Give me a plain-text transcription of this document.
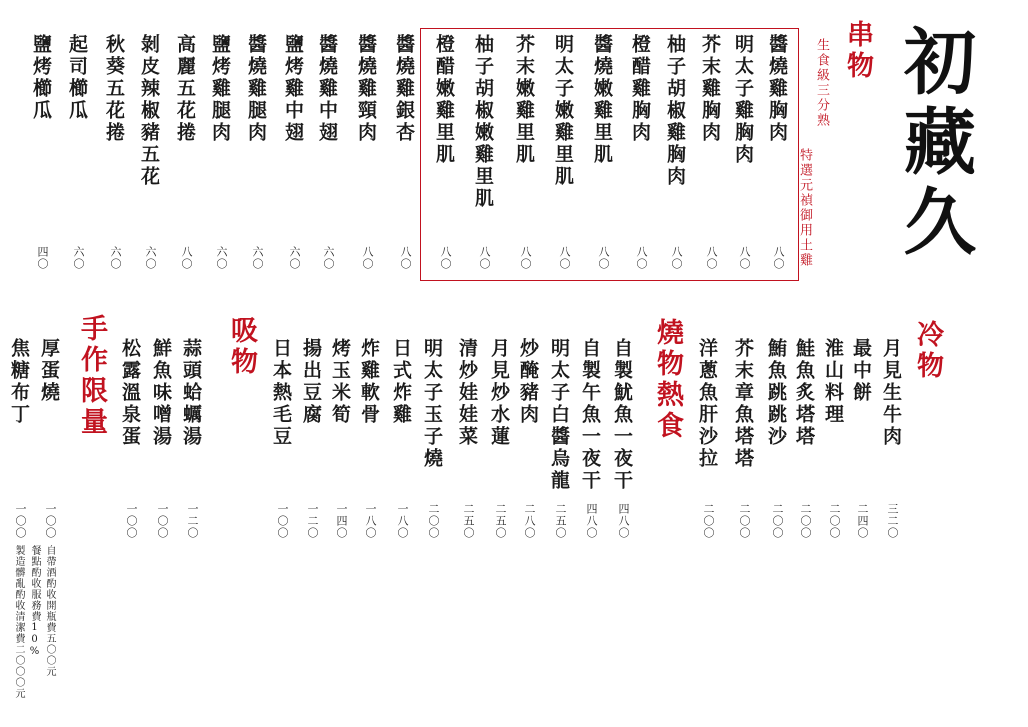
初藏久
串物
生食級三分熟
特選元禎御用土雞
冷物
燒物熱食
吸物
手作限量
自帶酒酌收開瓶費五〇〇元
餐點酌收服務費10%
製造髒亂酌收清潔費二〇〇〇元
醬燒雞胸肉
八〇
明太子雞胸肉
八〇
芥末雞胸肉
八〇
柚子胡椒雞胸肉
八〇
橙醋雞胸肉
八〇
醬燒嫩雞里肌
八〇
明太子嫩雞里肌
八〇
芥末嫩雞里肌
八〇
柚子胡椒嫩雞里肌
八〇
橙醋嫩雞里肌
八〇
醬燒雞銀杏
八〇
醬燒雞頸肉
八〇
醬燒雞中翅
六〇
鹽烤雞中翅
六〇
醬燒雞腿肉
六〇
鹽烤雞腿肉
六〇
高麗五花捲
八〇
剝皮辣椒豬五花
六〇
秋葵五花捲
六〇
起司櫛瓜
六〇
鹽烤櫛瓜
四〇
月見生牛肉
三二〇
最中餅
二四〇
淮山料理
二〇〇
鮭魚炙塔塔
二〇〇
鮪魚跳跳沙
二〇〇
芥末章魚塔塔
二〇〇
洋蔥魚肝沙拉
二〇〇
自製魷魚一夜干
四八〇
自製午魚一夜干
四八〇
明太子白醬烏龍
二五〇
炒醃豬肉
二八〇
月見炒水蓮
二五〇
清炒娃娃菜
二五〇
明太子玉子燒
二〇〇
日式炸雞
一八〇
炸雞軟骨
一八〇
烤玉米筍
一四〇
揚出豆腐
一二〇
日本熱毛豆
一〇〇
蒜頭蛤蠣湯
一二〇
鮮魚味噌湯
一〇〇
松露溫泉蛋
一〇〇
厚蛋燒
一〇〇
焦糖布丁
一〇〇
